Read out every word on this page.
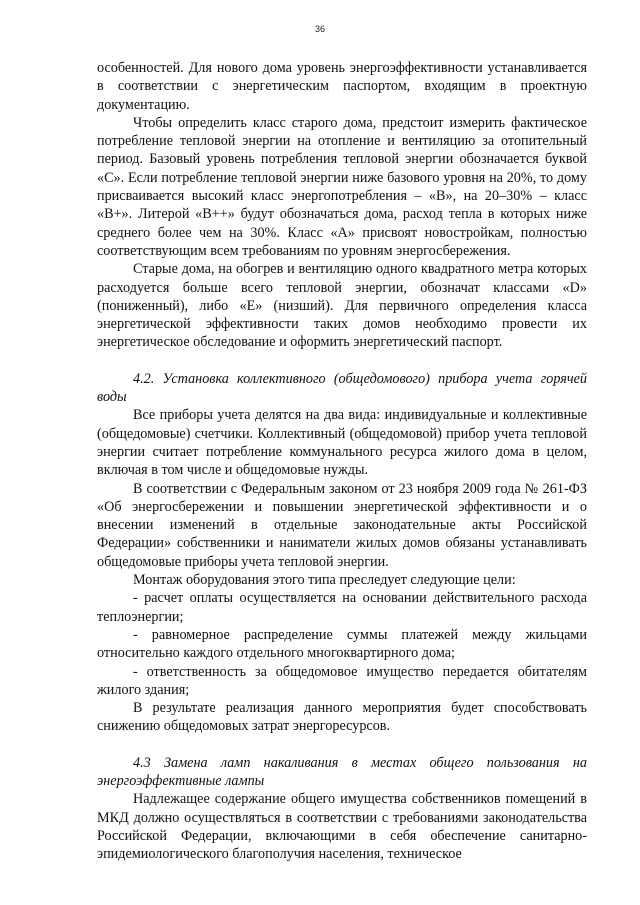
36

особенностей. Для нового дома уровень энергоэффективности устанавливается в соответствии с энергетическим паспортом, входящим в проектную документацию.

Чтобы определить класс старого дома, предстоит измерить фактическое потребление тепловой энергии на отопление и вентиляцию за отопительный период. Базовый уровень потребления тепловой энергии обозначается буквой «С». Если потребление тепловой энергии ниже базового уровня на 20%, то дому присваивается высокий класс энергопотребления – «В», на 20–30% – класс «В+». Литерой «В++» будут обозначаться дома, расход тепла в которых ниже среднего более чем на 30%. Класс «А» присвоят новостройкам, полностью соответствующим всем требованиям по уровням энергосбережения.

Старые дома, на обогрев и вентиляцию одного квадратного метра которых расходуется больше всего тепловой энергии, обозначат классами «D» (пониженный), либо «Е» (низший). Для первичного определения класса энергетической эффективности таких домов необходимо провести их энергетическое обследование и оформить энергетический паспорт.

4.2. Установка коллективного (общедомового) прибора учета горячей воды

Все приборы учета делятся на два вида: индивидуальные и коллективные (общедомовые) счетчики. Коллективный (общедомовой) прибор учета тепловой энергии считает потребление коммунального ресурса жилого дома в целом, включая в том числе и общедомовые нужды.

В соответствии с Федеральным законом от 23 ноября 2009 года № 261-ФЗ «Об энергосбережении и повышении энергетической эффективности и о внесении изменений в отдельные законодательные акты Российской Федерации» собственники и наниматели жилых домов обязаны устанавливать общедомовые приборы учета тепловой энергии.

Монтаж оборудования этого типа преследует следующие цели:

- расчет оплаты осуществляется на основании действительного расхода теплоэнергии;

- равномерное распределение суммы платежей между жильцами относительно каждого отдельного многоквартирного дома;

- ответственность за общедомовое имущество передается обитателям жилого здания;

В результате реализация данного мероприятия будет способствовать снижению общедомовых затрат энергоресурсов.

4.3 Замена ламп накаливания в местах общего пользования на энергоэффективные лампы

Надлежащее содержание общего имущества собственников помещений в МКД должно осуществляться в соответствии с требованиями законодательства Российской Федерации, включающими в себя обеспечение санитарно-эпидемиологического благополучия населения, техническое
